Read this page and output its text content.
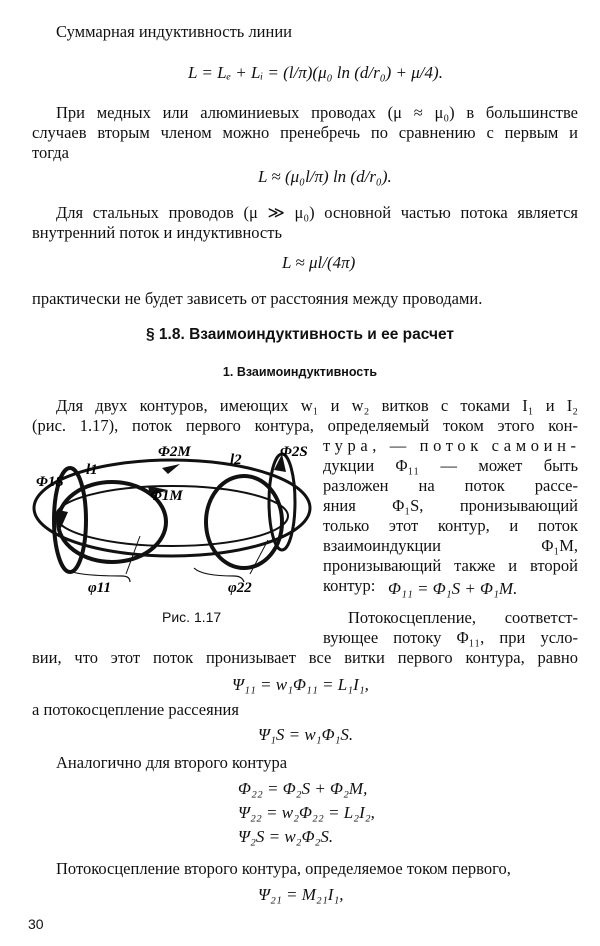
Суммарная индуктивность линии
L = Lₑ + Lᵢ = (l/π)(μ₀ ln (d/r₀) + μ/4).
При медных или алюминиевых проводах (μ ≈ μ₀) в большинстве
случаев вторым членом можно пренебречь по сравнению с первым и
тогда
L ≈ (μ₀l/π) ln (d/r₀).
Для стальных проводов (μ ≫ μ₀) основной частью потока является
внутренний поток и индуктивность
L ≈ μl/(4π)
практически не будет зависеть от расстояния между проводами.
§ 1.8. Взаимоиндуктивность и ее расчет
1. Взаимоиндуктивность
Для двух контуров, имеющих w₁ и w₂ витков с токами I₁ и I₂
(рис. 1.17), поток первого контура, определяемый током этого кон-
тура, — поток самоин-
дукции Φ₁₁ — может быть
разложен на поток рассе-
яния Φ₁S, пронизывающий
только этот контур, и поток
взаимоиндукции Φ₁M,
пронизывающий также и второй
контур: Φ₁₁ = Φ₁S + Φ₁M.
Φ1S
l1
Φ2M
Φ1M
l2	Φ2S
φ11	φ22
Рис. 1.17	Потокосцепление, соответст-
вующее потоку Φ₁₁, при усло-
вии, что этот поток пронизывает все витки первого контура, равно
Ψ₁₁ = w₁Φ₁₁ = L₁I₁,
а потокосцепление рассеяния
Ψ₁S = w₁Φ₁S.
Аналогично для второго контура
Φ₂₂ = Φ₂S + Φ₂M,
Ψ₂₂ = w₂Φ₂₂ = L₂I₂,
Ψ₂S = w₂Φ₂S.
Потокосцепление второго контура, определяемое током первого,
Ψ₂₁ = M₂₁I₁,
30
